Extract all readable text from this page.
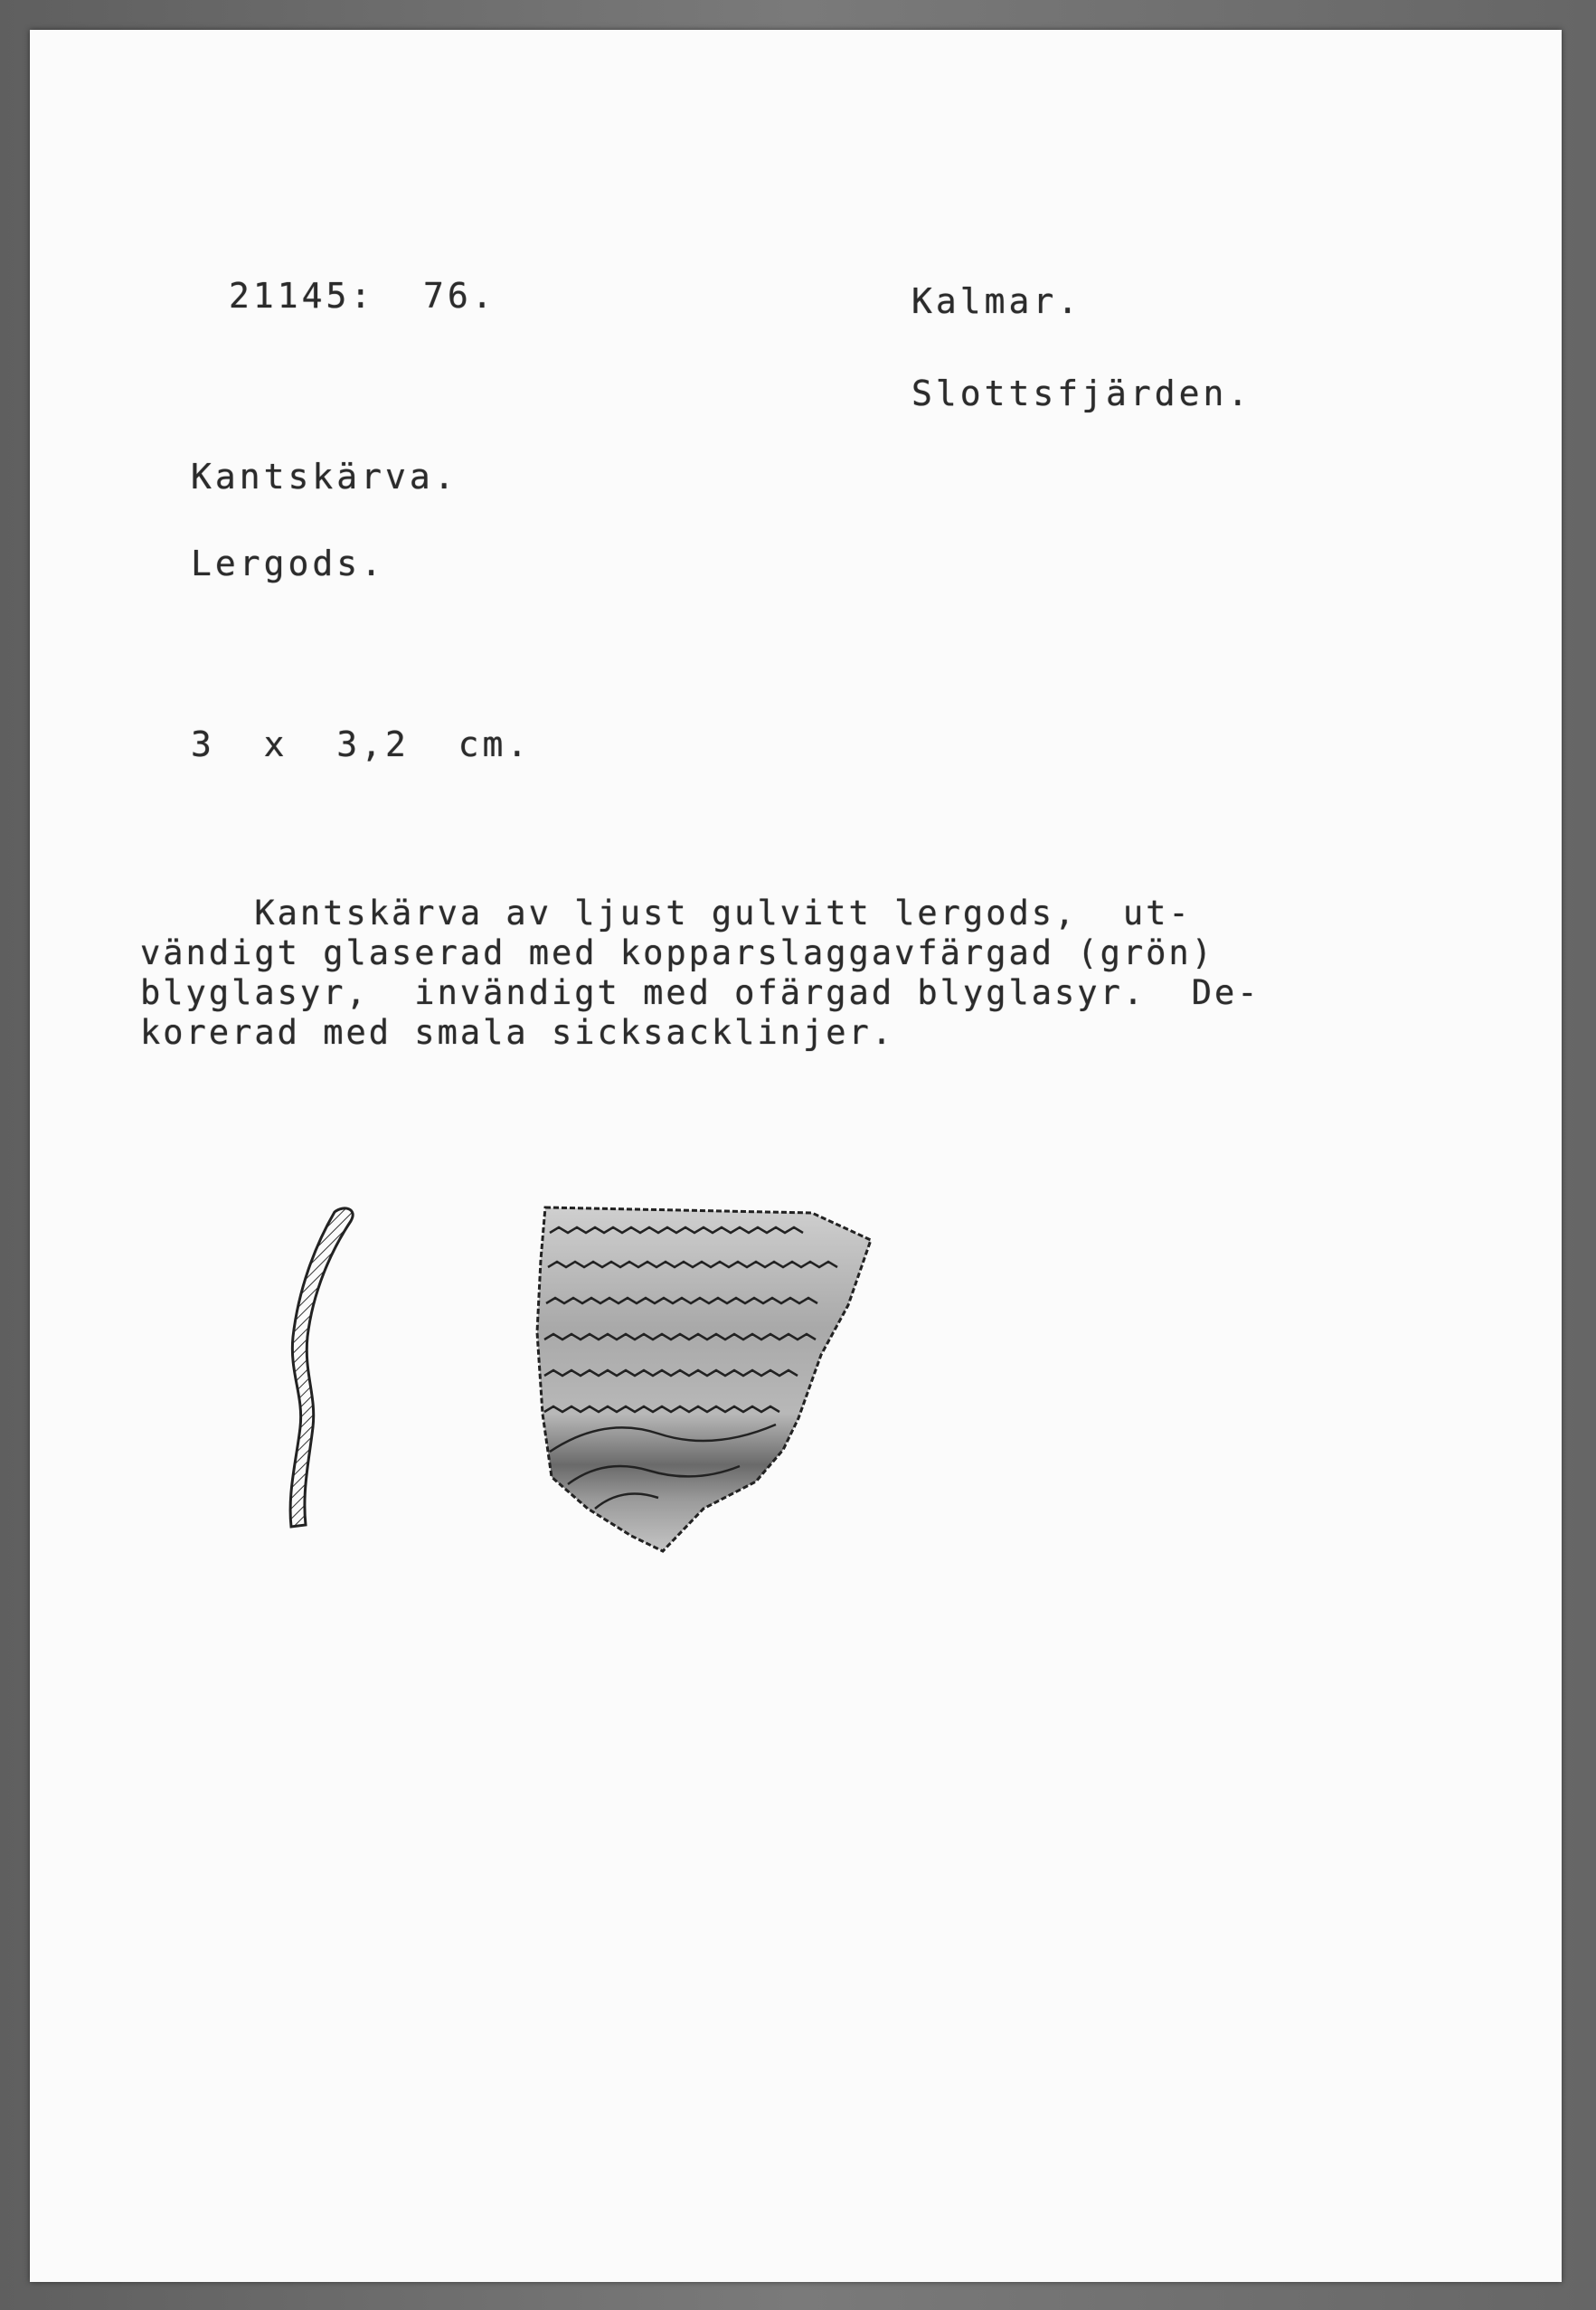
21145:  76.	Kalmar.
Slottsfjärden.
Kantskärva.
Lergods.
3  x  3,2  cm.
Kantskärva av ljust gulvitt lergods,  ut-
vändigt glaserad med kopparslaggavfärgad (grön)
blyglasyr,  invändigt med ofärgad blyglasyr.  De-
korerad med smala sicksacklinjer.
